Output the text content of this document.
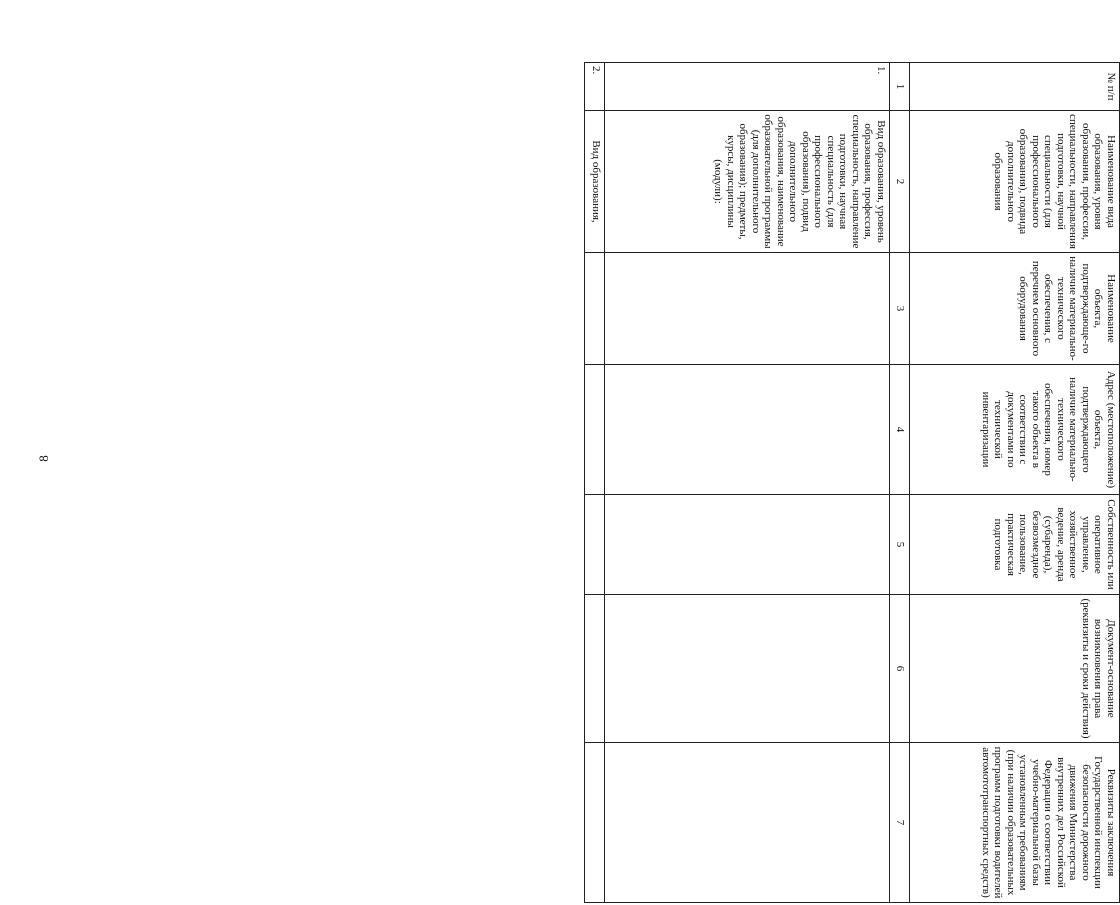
8
№ п/п	Наименование вида образования, уровня образования, профессии, специальности, направления подготовки, научной специальности (для профессионального образования), подвида дополнительного образования	Наименование объекта, подтверждающе-го наличие материально-технического обеспечения, с перечнем основного оборудования	Адрес (местоположение) объекта, подтверждающего наличие материально-технического обеспечения, номер такого объекта в соответствии с документами по технической инвентаризации	Собственность или оперативное управление, хозяйственное ведение, аренда (субаренда), безвозмездное пользование, практическая подготовка	Документ-основание возникновения права (реквизиты и сроки действия)	Реквизиты заключения Государственной инспекции безопасности дорожного движения Министерства внутренних дел Российской Федерации о соответствии учебно-материальной базы установленным требованиям (при наличии образовательных программ подготовки водителей автомототранспортных средств)
1	2	3	4	5	6	7
1.	Вид образования, уровень образования, профессия, специальность, направление подготовки, научная специальность (для профессионального образования), подвид дополнительного образования, наименование образовательной программы (для дополнительного образования); предметы, курсы, дисциплины (модули):					
2.	Вид образования,					
